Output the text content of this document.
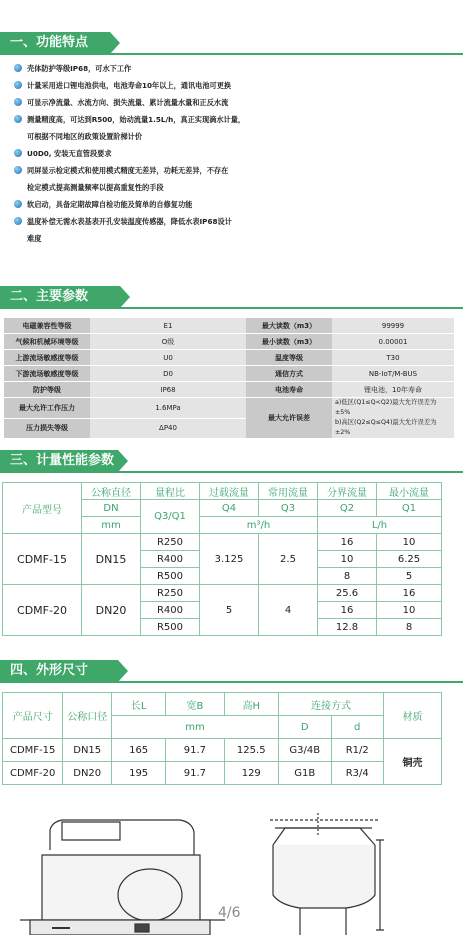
一、功能特点
壳体防护等级IP68，可水下工作
计量采用进口锂电池供电，电池寿命10年以上，通讯电池可更换
可显示净流量、水流方向、损失流量、累计流量水量和正反水流
测量精度高，可达到R500，始动流量1.5L/h，真正实现滴水计量，
可根据不同地区的政策设置阶梯计价
U0D0, 安装无直管段要求
同屏显示检定模式和使用模式精度无差异，功耗无差异，不存在
检定模式提高测量频率以提高重复性的手段
软启动，具备定期故障自检功能及简单的自修复功能
温度补偿无需水表基表开孔安装温度传感器，降低水表IP68设计
难度
二、主要参数
电磁兼容性等级	E1	最大读数（m3）	99999
气候和机械环境等级	O级	最小读数（m3）	0.00001
上游流场敏感度等级	U0	温度等级	T30
下游流场敏感度等级	D0	通信方式	NB-IoT/M-BUS
防护等级	IP68	电池寿命	锂电池，10年寿命
最大允许工作压力	1.6MPa	最大允许误差	a)低区(Q1≤Q<Q2)最大允许误差为±5%
b)高区(Q2≤Q≤Q4)最大允许误差为±2%

压力损失等级	ΔP40		
三、计量性能参数
产品型号	公称直径	量程比	过载流量	常用流量	分界流量	最小流量
	DN	Q3/Q1	Q4	Q3	Q2	Q1
	mm		m³/h		L/h	
CDMF-15	DN15	R250	3.125	2.5	16	10
		R400			10	6.25
		R500			8	5
CDMF-20	DN20	R250	5	4	25.6	16
		R400			16	10
		R500			12.8	8
四、外形尺寸
产品尺寸	公称口径	长L	宽B	高H	连接方式		材质
		mm			D	d	
CDMF-15	DN15	165	91.7	125.5	G3/4B	R1/2	铜壳
CDMF-20	DN20	195	91.7	129	G1B	R3/4	
4/6
